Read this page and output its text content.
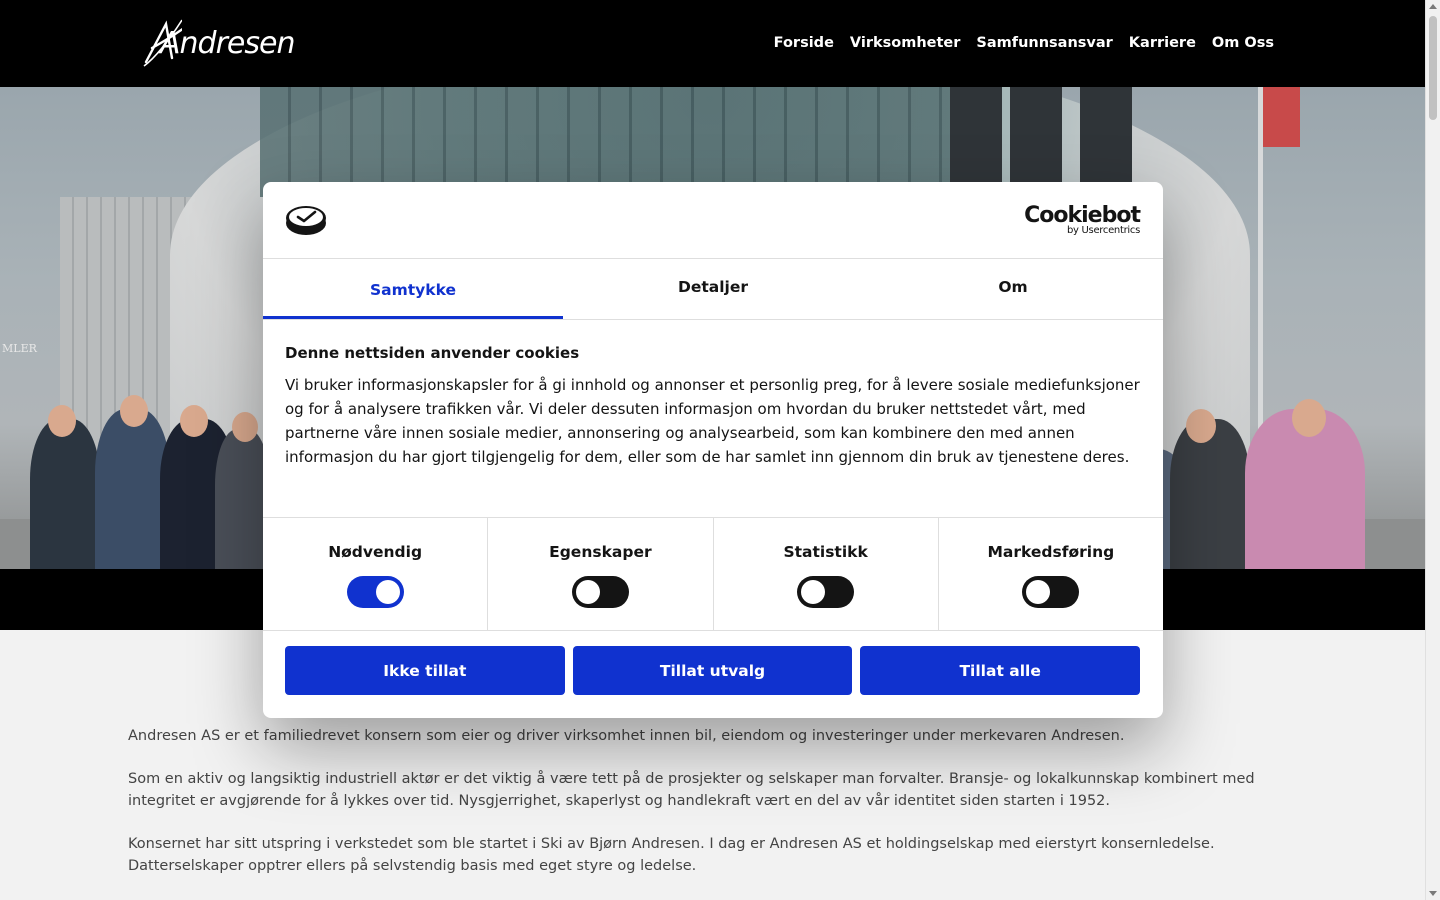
Andresen	Forside Virksomheter Samfunnsansvar Karriere Om Oss
MLER

Andresen AS er et familiedrevet konsern som eier og driver virksomhet innen bil, eiendom og investeringer under merkevaren Andresen.

Som en aktiv og langsiktig industriell aktør er det viktig å være tett på de prosjekter og selskaper man forvalter. Bransje- og lokalkunnskap kombinert med integritet er avgjørende for å lykkes over tid. Nysgjerrighet, skaperlyst og handlekraft vært en del av vår identitet siden starten i 1952.

Konsernet har sitt utspring i verkstedet som ble startet i Ski av Bjørn Andresen. I dag er Andresen AS et holdingselskap med eierstyrt konsernledelse. Datterselskaper opptrer ellers på selvstendig basis med eget styre og ledelse.

Cookiebot
by Usercentrics
Samtykke	Detaljer	Om
Denne nettsiden anvender cookies
Vi bruker informasjonskapsler for å gi innhold og annonser et personlig preg, for å levere sosiale mediefunksjoner og for å analysere trafikken vår. Vi deler dessuten informasjon om hvordan du bruker nettstedet vårt, med partnerne våre innen sosiale medier, annonsering og analysearbeid, som kan kombinere den med annen informasjon du har gjort tilgjengelig for dem, eller som de har samlet inn gjennom din bruk av tjenestene deres.
Nødvendig	Egenskaper	Statistikk	Markedsføring
Ikke tillat	Tillat utvalg	Tillat alle
